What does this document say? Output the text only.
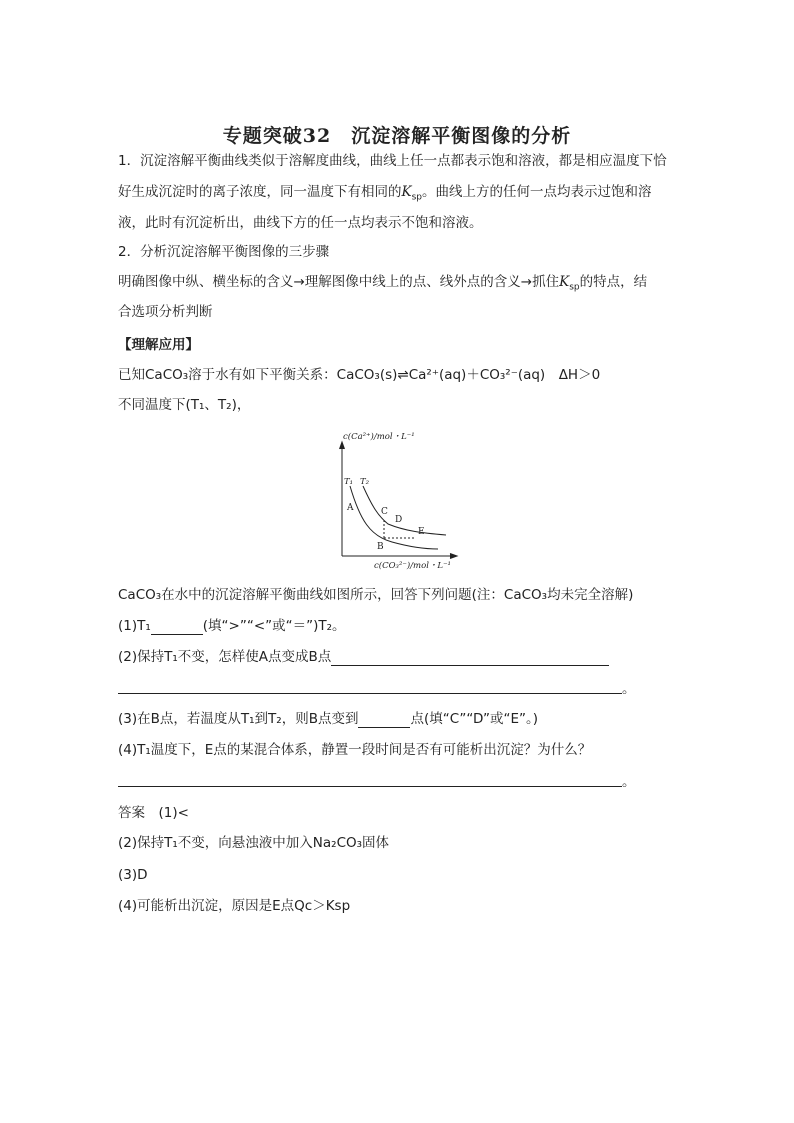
专题突破32　沉淀溶解平衡图像的分析
1．沉淀溶解平衡曲线类似于溶解度曲线，曲线上任一点都表示饱和溶液，都是相应温度下恰
好生成沉淀时的离子浓度，同一温度下有相同的$K_{sp}$。曲线上方的任何一点均表示过饱和溶
液，此时有沉淀析出，曲线下方的任一点均表示不饱和溶液。
2．分析沉淀溶解平衡图像的三步骤
明确图像中纵、横坐标的含义→理解图像中线上的点、线外点的含义→抓住$K_{sp}$的特点，结
合选项分析判断
【理解应用】
已知CaCO₃溶于水有如下平衡关系：CaCO₃(s)⇌Ca²⁺(aq)＋CO₃²⁻(aq)　ΔH＞0
不同温度下(T₁、T₂)，
c(Ca²⁺)/mol・L⁻¹
T₁ T₂
A
B
C
D
E
c(CO₃²⁻)/mol・L⁻¹
CaCO₃在水中的沉淀溶解平衡曲线如图所示，回答下列问题(注：CaCO₃均未完全溶解)
(1)T₁	(填“>”“<”或“＝”)T₂。
(2)保持T₁不变，怎样使A点变成B点
。
(3)在B点，若温度从T₁到T₂，则B点变到	点(填“C”“D”或“E”。)
(4)T₁温度下，E点的某混合体系，静置一段时间是否有可能析出沉淀？为什么？
。
答案　(1)<
(2)保持T₁不变，向悬浊液中加入Na₂CO₃固体
(3)D
(4)可能析出沉淀，原因是E点Qc＞Ksp
